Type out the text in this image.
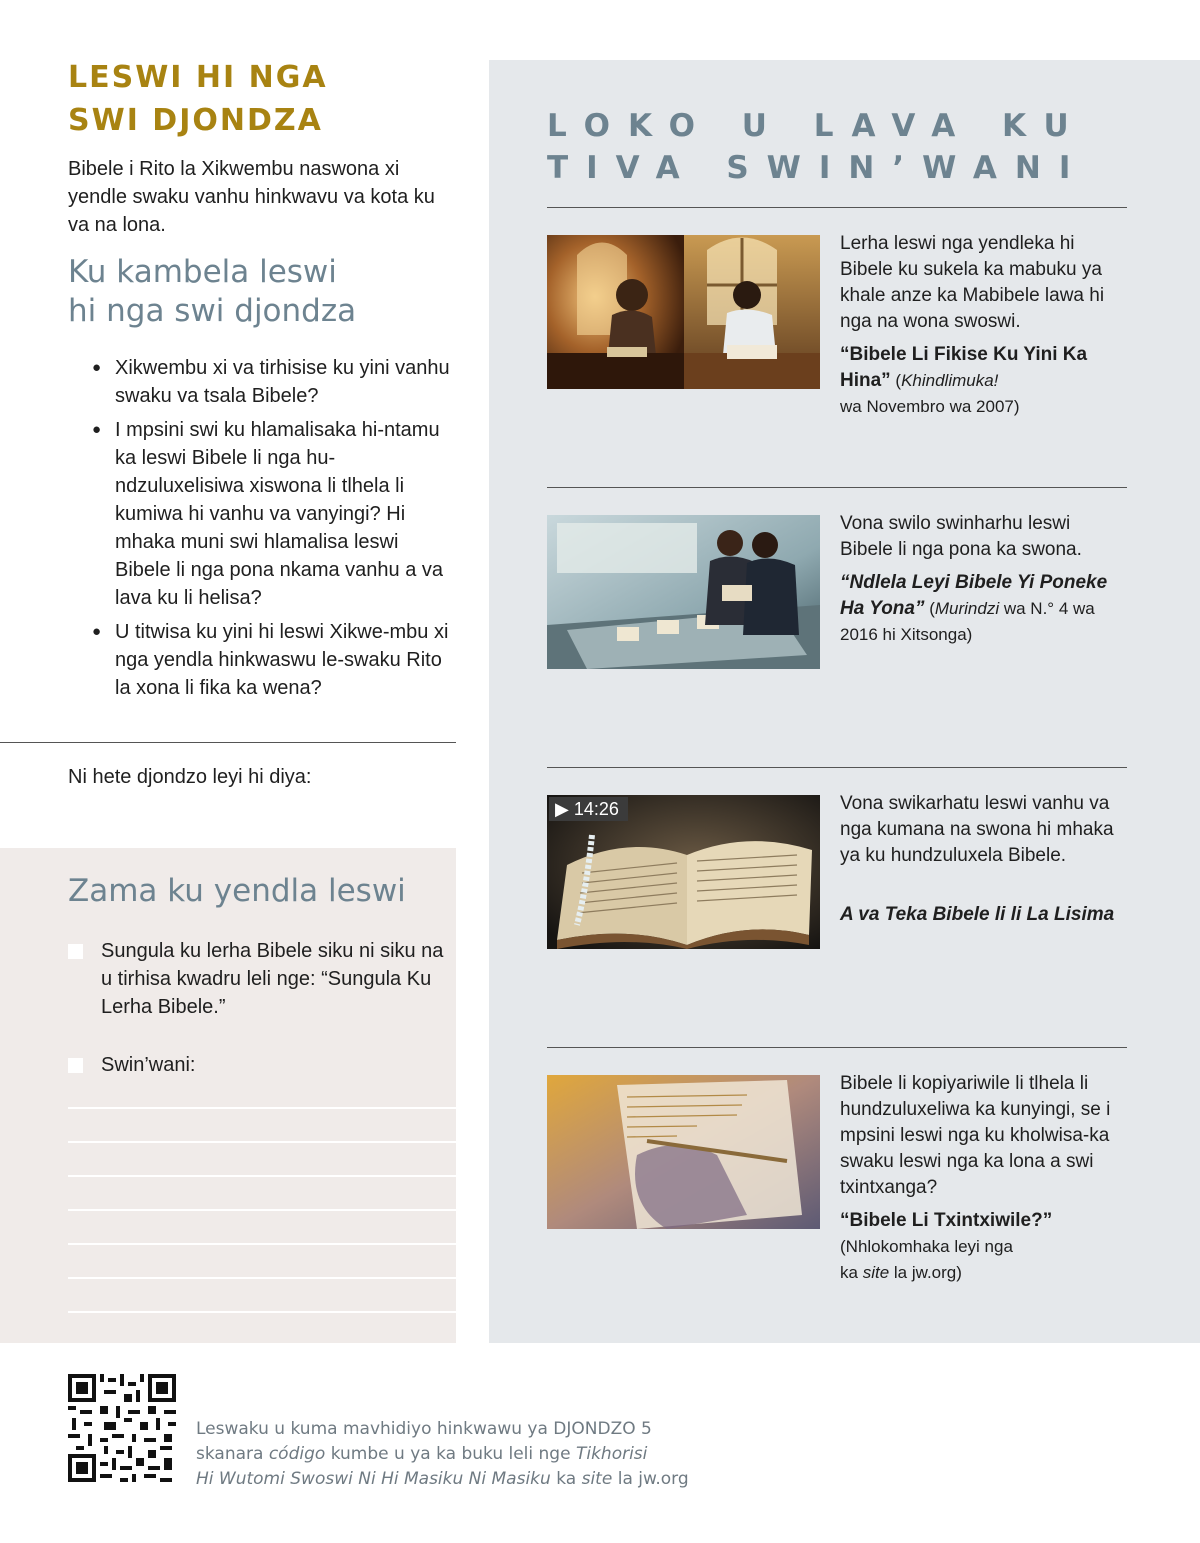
LESWI HI NGA
SWI DJONDZA
Bibele i Rito la Xikwembu naswona xi yendle swaku vanhu hinkwavu va kota ku va na lona.
Ku kambela leswi
hi nga swi djondza
● Xikwembu xi va tirhisise ku yini vanhu swaku va tsala Bibele?
● I mpsini swi ku hlamalisaka hi-ntamu ka leswi Bibele li nga hu-ndzuluxelisiwa xiswona li tlhela li kumiwa hi vanhu va vanyingi? Hi mhaka muni swi hlamalisa leswi Bibele li nga pona nkama vanhu a va lava ku li helisa?
● U titwisa ku yini hi leswi Xikwe-mbu xi nga yendla hinkwaswu le-swaku Rito la xona li fika ka wena?
Ni hete djondzo leyi hi diya:
Zama ku yendla leswi
Sungula ku lerha Bibele siku ni siku na u tirhisa kwadru leli nge: “Sungula Ku Lerha Bibele.”
Swin’wani:
LOKO U LAVA KU
TIVA SWIN’WANI
Lerha leswi nga yendleka hi Bibele ku sukela ka mabuku ya khale anze ka Mabibele lawa hi nga na wona swoswi.
“Bibele Li Fikise Ku Yini Ka Hina” (Khindlimuka!
wa Novembro wa 2007)
Vona swilo swinharhu leswi Bibele li nga pona ka swona.
“Ndlela Leyi Bibele Yi Poneke Ha Yona” (Murindzi wa N.° 4 wa 2016 hi Xitsonga)
▶ 14:26	Vona swikarhatu leswi vanhu va nga kumana na swona hi mhaka ya ku hundzuluxela Bibele.
A va Teka Bibele li li La Lisima
Bibele li kopiyariwile li tlhela li hundzuluxeliwa ka kunyingi, se i mpsini leswi nga ku kholwisa-ka swaku leswi nga ka lona a swi txintxanga?
“Bibele Li Txintxiwile?”
(Nhlokomhaka leyi nga
ka site la jw.org)
Leswaku u kuma mavhidiyo hinkwawu ya DJONDZO 5
skanara código kumbe u ya ka buku leli nge Tikhorisi
Hi Wutomi Swoswi Ni Hi Masiku Ni Masiku ka site la jw.org
